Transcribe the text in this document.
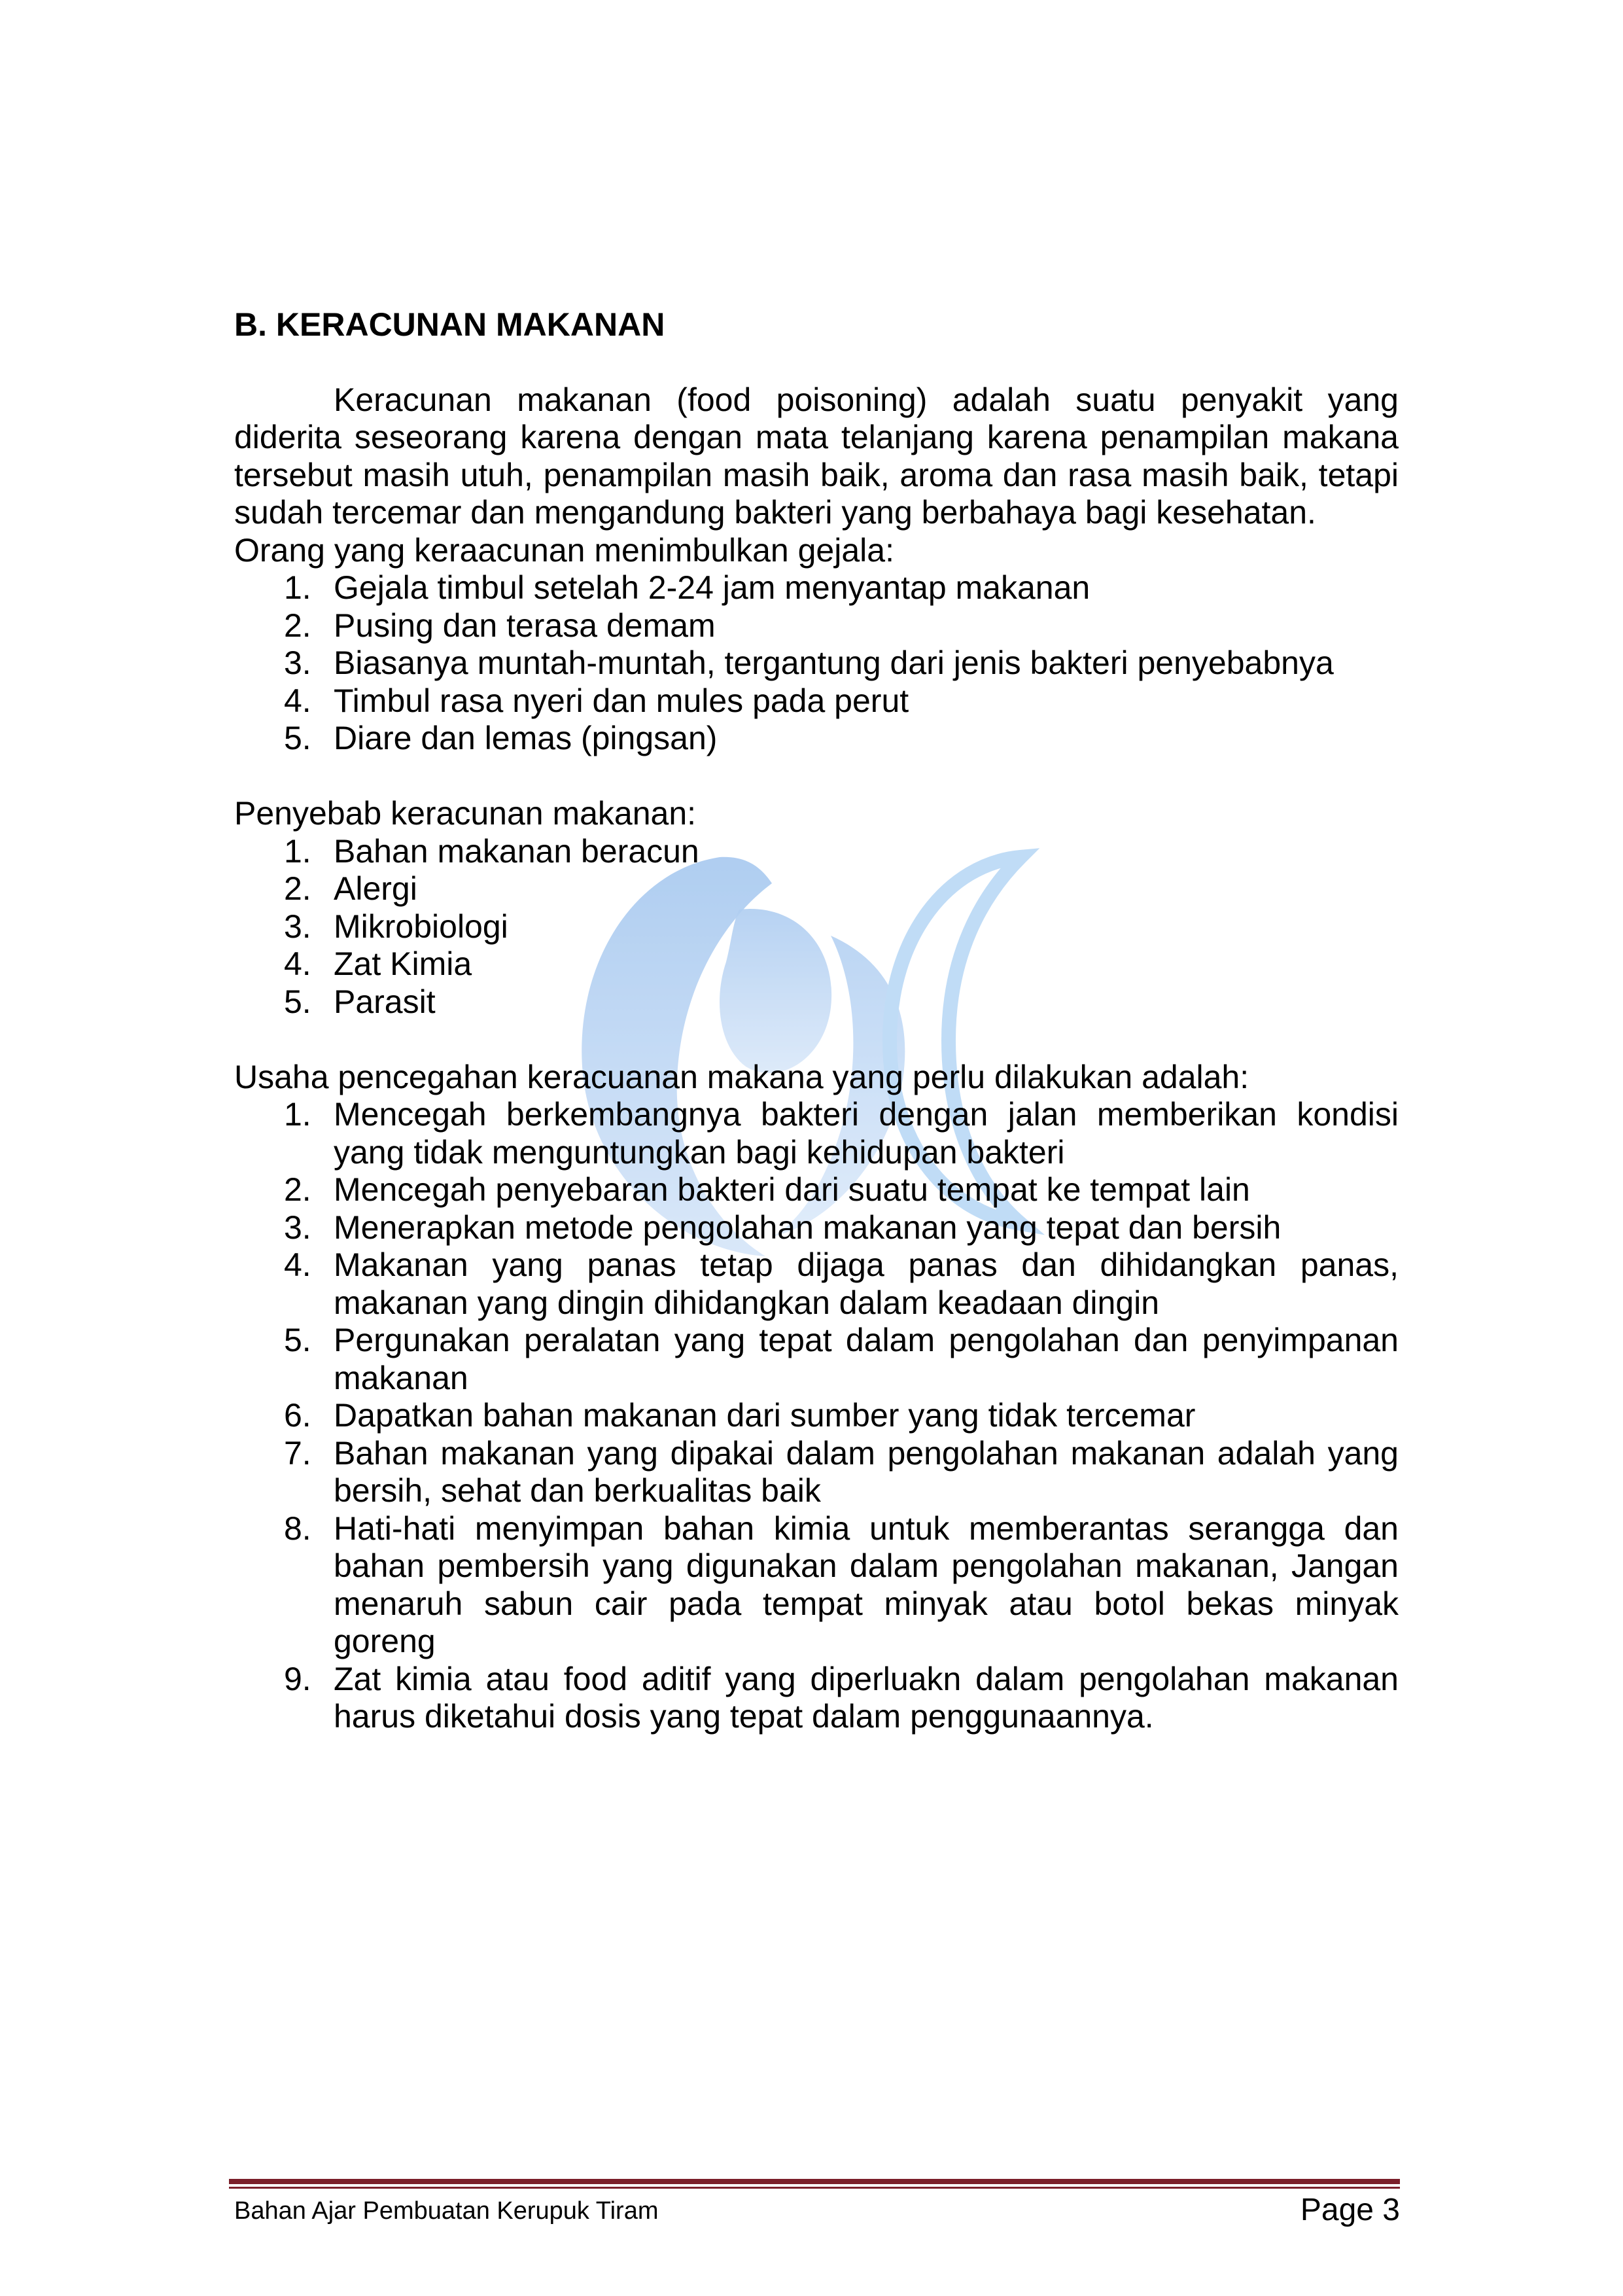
B. KERACUNAN MAKANAN

Keracunan makanan (food poisoning) adalah suatu penyakit yang diderita seseorang karena dengan mata telanjang karena penampilan makana tersebut masih utuh, penampilan masih baik, aroma dan rasa masih baik, tetapi sudah tercemar dan mengandung bakteri yang berbahaya bagi kesehatan.

Orang yang keraacunan menimbulkan gejala:

1. Gejala timbul setelah 2-24 jam menyantap makanan
2. Pusing dan terasa demam
3. Biasanya muntah-muntah, tergantung dari jenis bakteri penyebabnya
4. Timbul rasa nyeri dan mules pada perut
5. Diare dan lemas (pingsan)

Penyebab keracunan makanan:

1. Bahan makanan beracun
2. Alergi
3. Mikrobiologi
4. Zat Kimia
5. Parasit

Usaha pencegahan keracuanan makana yang perlu dilakukan adalah:

1. Mencegah berkembangnya bakteri dengan jalan memberikan kondisi yang tidak menguntungkan bagi kehidupan bakteri
2. Mencegah penyebaran bakteri dari suatu tempat ke tempat lain
3. Menerapkan metode pengolahan makanan yang tepat dan bersih
4. Makanan yang panas tetap dijaga panas dan dihidangkan panas, makanan yang dingin dihidangkan dalam keadaan dingin
5. Pergunakan peralatan yang tepat dalam pengolahan dan penyimpanan makanan
6. Dapatkan bahan makanan dari sumber yang tidak tercemar
7. Bahan makanan yang dipakai dalam pengolahan makanan adalah yang bersih, sehat dan berkualitas baik
8. Hati-hati menyimpan bahan kimia untuk memberantas serangga dan bahan pembersih yang digunakan dalam pengolahan makanan, Jangan menaruh sabun cair pada tempat minyak atau botol bekas minyak goreng
9. Zat kimia atau food aditif yang diperluakn dalam pengolahan makanan harus diketahui dosis yang tepat dalam penggunaannya.
Bahan Ajar Pembuatan Kerupuk Tiram	Page 3
